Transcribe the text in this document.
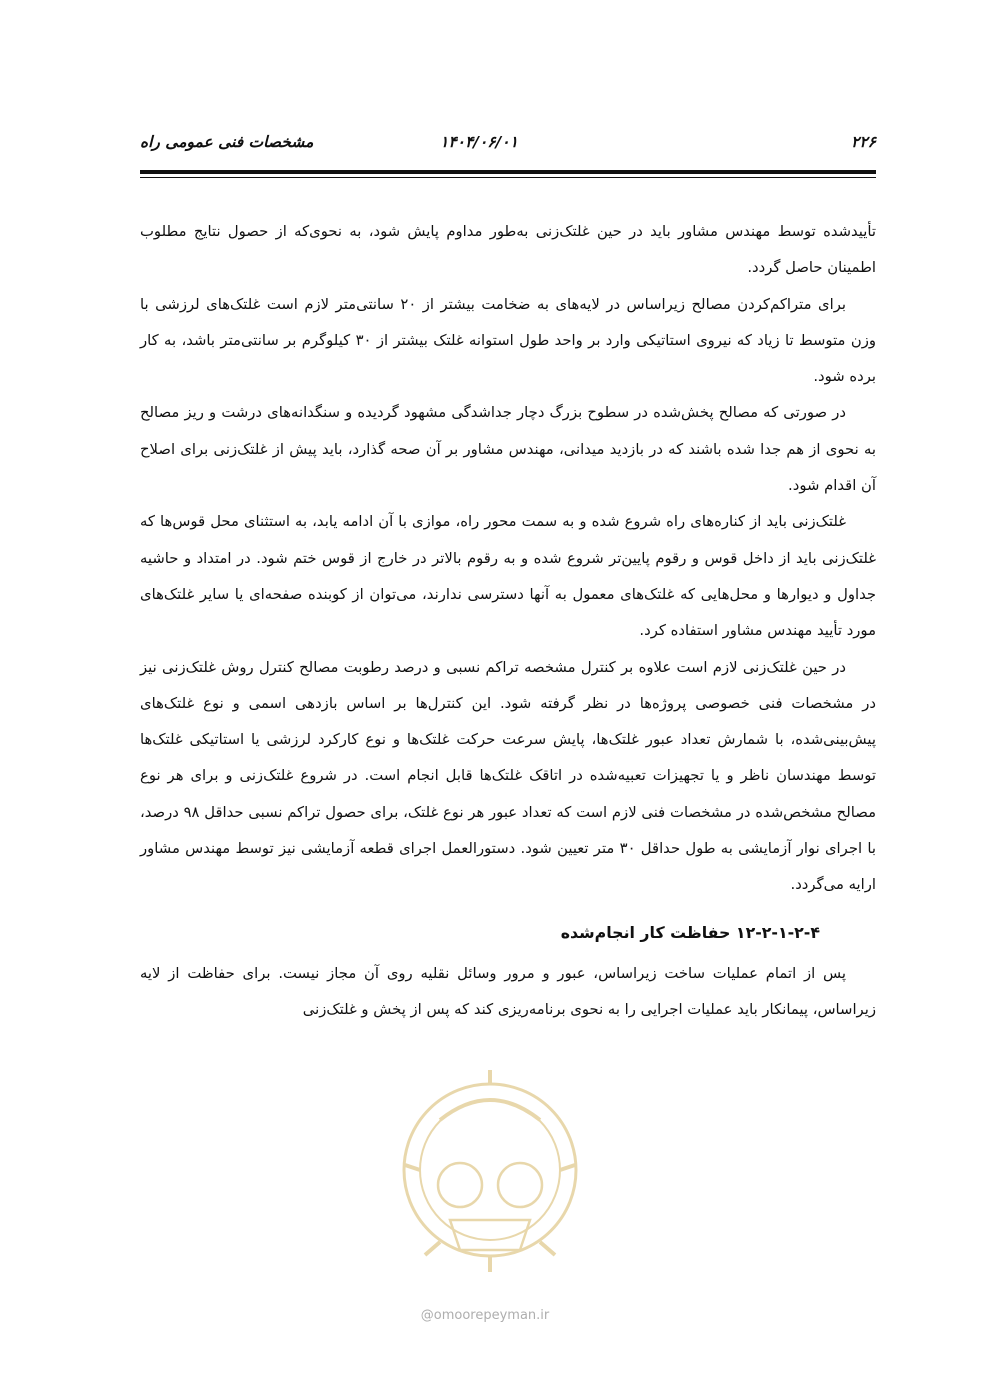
۲۲۶
۱۴۰۴/۰۶/۰۱
مشخصات فنی عمومی راه

تأییدشده توسط مهندس مشاور باید در حین غلتک‌زنی به‌طور مداوم پایش شود، به نحوی‌که از حصول نتایج مطلوب اطمینان حاصل گردد.

برای متراکم‌کردن مصالح زیراساس در لایه‌های به ضخامت بیشتر از ۲۰ سانتی‌متر لازم است غلتک‌های لرزشی با وزن متوسط تا زیاد که نیروی استاتیکی وارد بر واحد طول استوانه غلتک بیشتر از ۳۰ کیلوگرم بر سانتی‌متر باشد، به کار برده شود.

در صورتی که مصالح پخش‌شده در سطوح بزرگ دچار جداشدگی مشهود گردیده و سنگدانه‌های درشت و ریز مصالح به نحوی از هم جدا شده باشند که در بازدید میدانی، مهندس مشاور بر آن صحه گذارد، باید پیش از غلتک‌زنی برای اصلاح آن اقدام شود.

غلتک‌زنی باید از کناره‌های راه شروع شده و به سمت محور راه، موازی با آن ادامه یابد، به استثنای محل قوس‌ها که غلتک‌زنی باید از داخل قوس و رقوم پایین‌تر شروع شده و به رقوم بالاتر در خارج از قوس ختم شود. در امتداد و حاشیه جداول و دیوارها و محل‌هایی که غلتک‌های معمول به آنها دسترسی ندارند، می‌توان از کوبنده صفحه‌ای یا سایر غلتک‌های مورد تأیید مهندس مشاور استفاده کرد.

در حین غلتک‌زنی لازم است علاوه بر کنترل مشخصه تراکم نسبی و درصد رطوبت مصالح کنترل روش غلتک‌زنی نیز در مشخصات فنی خصوصی پروژه‌ها در نظر گرفته شود. این کنترل‌ها بر اساس بازدهی اسمی و نوع غلتک‌های پیش‌بینی‌شده، با شمارش تعداد عبور غلتک‌ها، پایش سرعت حرکت غلتک‌ها و نوع کارکرد لرزشی یا استاتیکی غلتک‌ها توسط مهندسان ناظر و یا تجهیزات تعبیه‌شده در اتاقک غلتک‌ها قابل انجام است. در شروع غلتک‌زنی و برای هر نوع مصالح مشخص‌شده در مشخصات فنی لازم است که تعداد عبور هر نوع غلتک، برای حصول تراکم نسبی حداقل ۹۸ درصد، با اجرای نوار آزمایشی به طول حداقل ۳۰ متر تعیین شود. دستورالعمل اجرای قطعه آزمایشی نیز توسط مهندس مشاور ارایه می‌گردد.

۱۲-۲-۱-۲-۴ حفاظت کار انجام‌شده

پس از اتمام عملیات ساخت زیراساس، عبور و مرور وسائل نقلیه روی آن مجاز نیست. برای حفاظت از لایه زیراساس، پیمانکار باید عملیات اجرایی را به نحوی برنامه‌ریزی کند که پس از پخش و غلتک‌زنی

@omoorepeyman.ir
